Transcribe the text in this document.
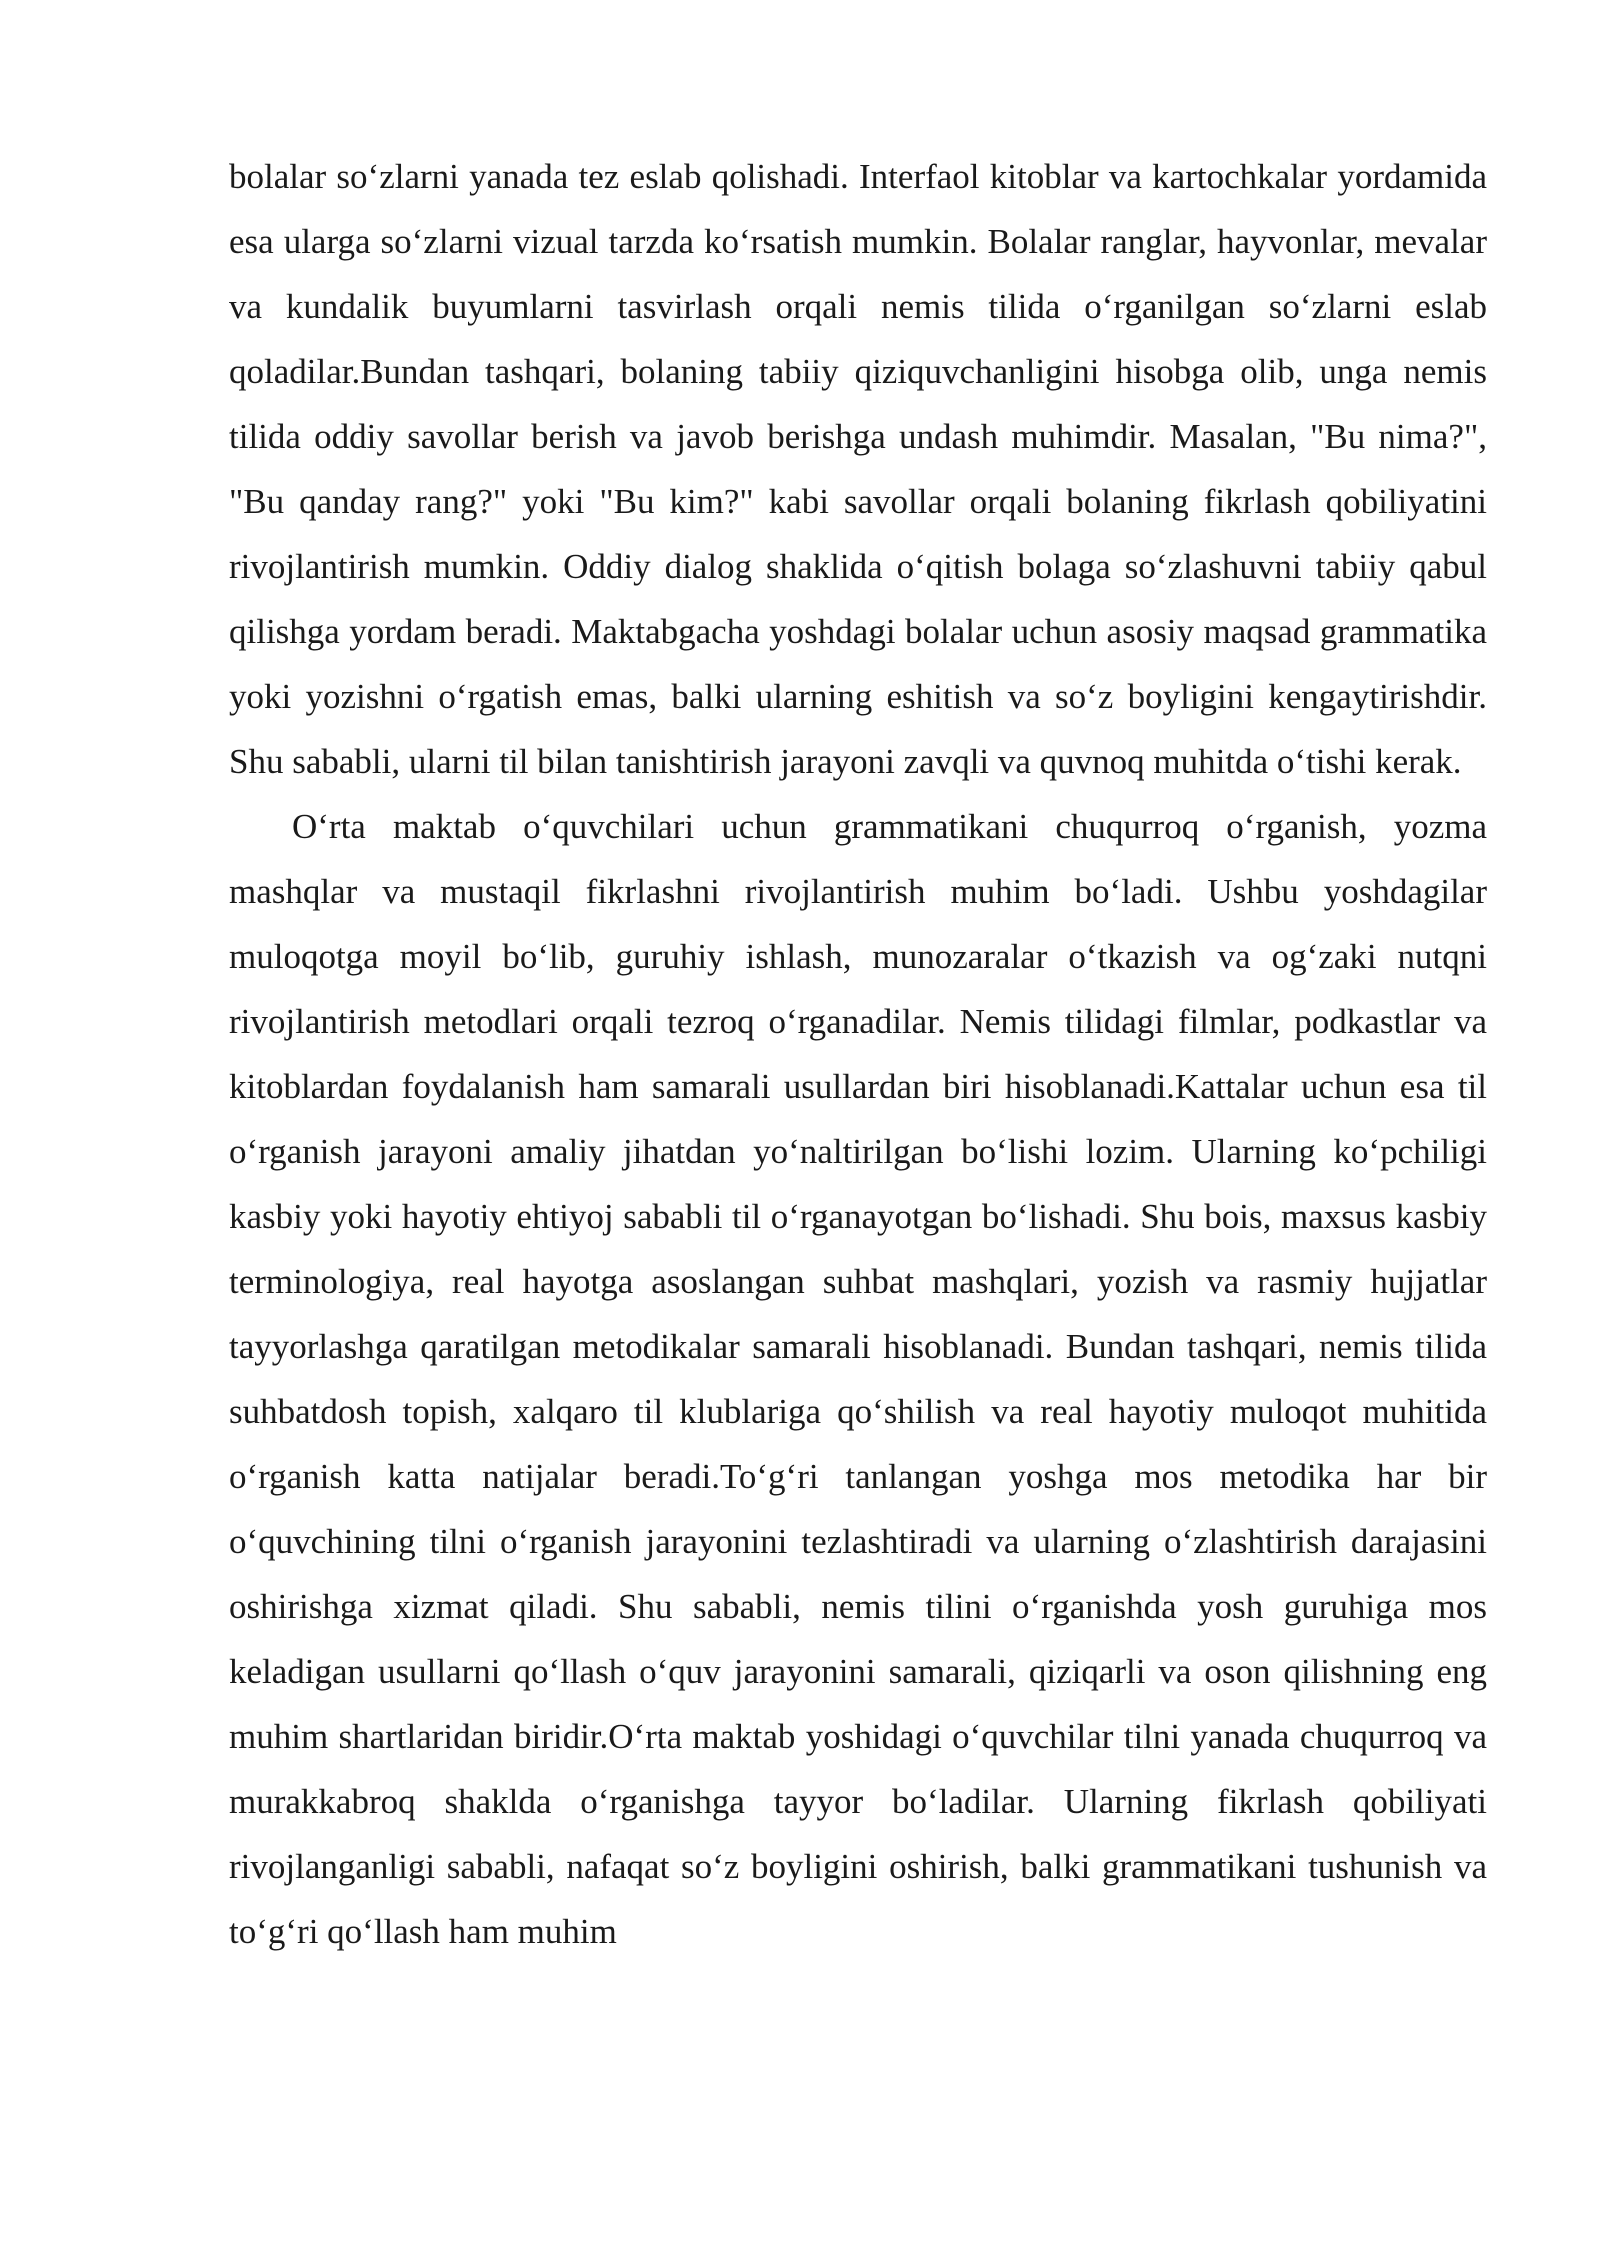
bolalar soʻzlarni yanada tez eslab qolishadi. Interfaol kitoblar va kartochkalar yordamida esa ularga soʻzlarni vizual tarzda koʻrsatish mumkin. Bolalar ranglar, hayvonlar, mevalar va kundalik buyumlarni tasvirlash orqali nemis tilida oʻrganilgan soʻzlarni eslab qoladilar.Bundan tashqari, bolaning tabiiy qiziquvchanligini hisobga olib, unga nemis tilida oddiy savollar berish va javob berishga undash muhimdir. Masalan, "Bu nima?", "Bu qanday rang?" yoki "Bu kim?" kabi savollar orqali bolaning fikrlash qobiliyatini rivojlantirish mumkin. Oddiy dialog shaklida oʻqitish bolaga soʻzlashuvni tabiiy qabul qilishga yordam beradi. Maktabgacha yoshdagi bolalar uchun asosiy maqsad grammatika yoki yozishni oʻrgatish emas, balki ularning eshitish va soʻz boyligini kengaytirishdir. Shu sababli, ularni til bilan tanishtirish jarayoni zavqli va quvnoq muhitda oʻtishi kerak.

Oʻrta maktab oʻquvchilari uchun grammatikani chuqurroq oʻrganish, yozma mashqlar va mustaqil fikrlashni rivojlantirish muhim boʻladi. Ushbu yoshdagilar muloqotga moyil boʻlib, guruhiy ishlash, munozaralar oʻtkazish va ogʻzaki nutqni rivojlantirish metodlari orqali tezroq oʻrganadilar. Nemis tilidagi filmlar, podkastlar va kitoblardan foydalanish ham samarali usullardan biri hisoblanadi.Kattalar uchun esa til oʻrganish jarayoni amaliy jihatdan yoʻnaltirilgan boʻlishi lozim. Ularning koʻpchiligi kasbiy yoki hayotiy ehtiyoj sababli til oʻrganayotgan boʻlishadi. Shu bois, maxsus kasbiy terminologiya, real hayotga asoslangan suhbat mashqlari, yozish va rasmiy hujjatlar tayyorlashga qaratilgan metodikalar samarali hisoblanadi. Bundan tashqari, nemis tilida suhbatdosh topish, xalqaro til klublariga qoʻshilish va real hayotiy muloqot muhitida oʻrganish katta natijalar beradi.Toʻgʻri tanlangan yoshga mos metodika har bir oʻquvchining tilni oʻrganish jarayonini tezlashtiradi va ularning oʻzlashtirish darajasini oshirishga xizmat qiladi. Shu sababli, nemis tilini oʻrganishda yosh guruhiga mos keladigan usullarni qoʻllash oʻquv jarayonini samarali, qiziqarli va oson qilishning eng muhim shartlaridan biridir.Oʻrta maktab yoshidagi oʻquvchilar tilni yanada chuqurroq va murakkabroq shaklda oʻrganishga tayyor boʻladilar. Ularning fikrlash qobiliyati rivojlanganligi sababli, nafaqat soʻz boyligini oshirish, balki grammatikani tushunish va toʻgʻri qoʻllash ham muhim
